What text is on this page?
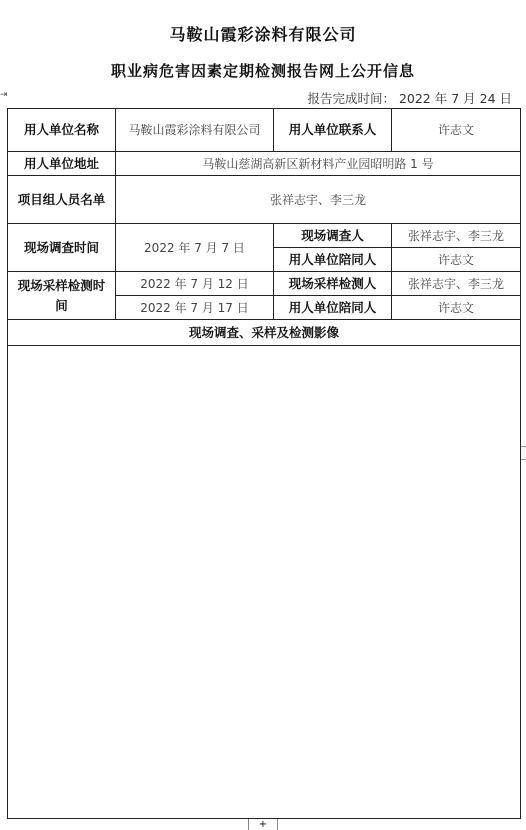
马鞍山霞彩涂料有限公司
职业病危害因素定期检测报告网上公开信息
报告完成时间： 2022 年 7 月 24 日
⇥
+
用人单位名称	马鞍山霞彩涂料有限公司	用人单位联系人	许志文
用人单位地址	马鞍山慈湖高新区新材料产业园昭明路 1 号		
项目组人员名单	张祥志宇、李三龙		
现场调查时间	2022 年 7 月 7 日	现场调查人	张祥志宇、李三龙
		用人单位陪同人	许志文
现场采样检测时间	2022 年 7 月 12 日	现场采样检测人	张祥志宇、李三龙
	2022 年 7 月 17 日	用人单位陪同人	许志文
现场调查、采样及检测影像			
